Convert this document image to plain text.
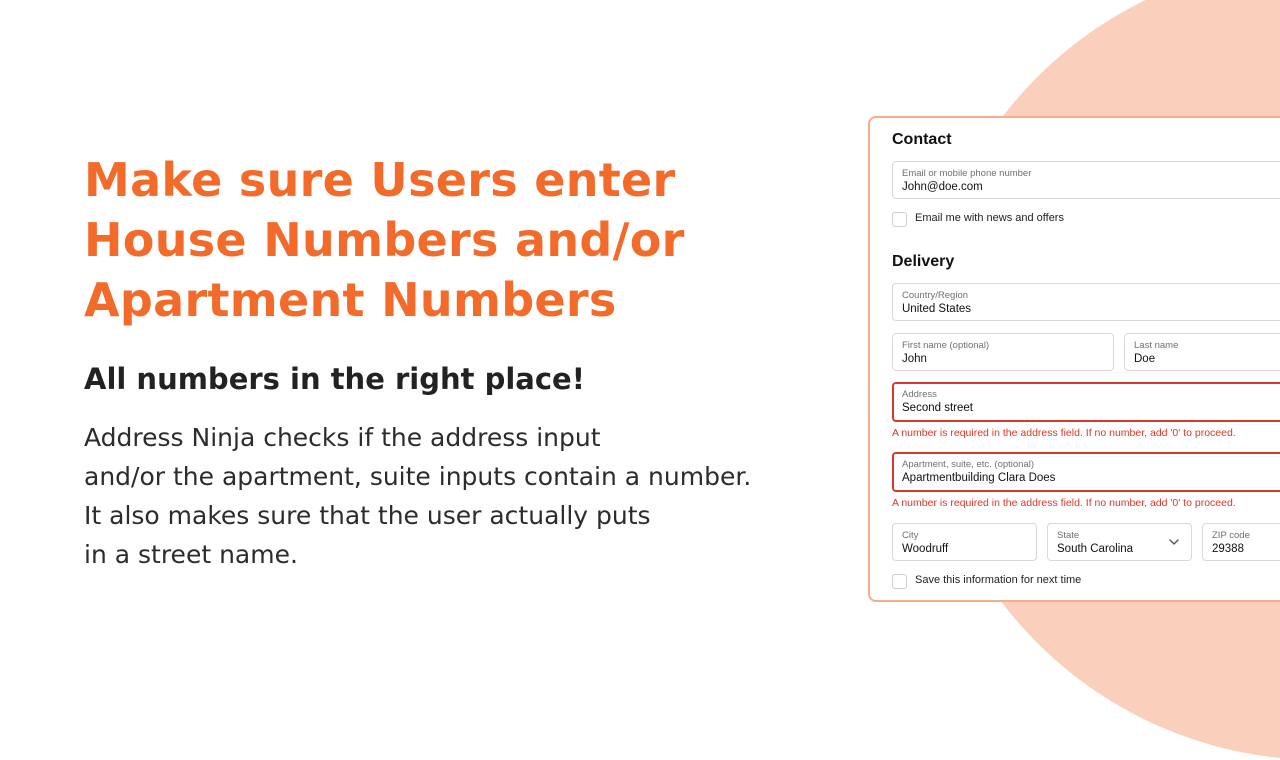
Make sure Users enter
House Numbers and/or
Apartment Numbers

All numbers in the right place!

Address Ninja checks if the address input
and/or the apartment, suite inputs contain a number.
It also makes sure that the user actually puts
in a street name.

Contact
Email or mobile phone number
John@doe.com
Email me with news and offers
Delivery
Country/Region
United States
First name (optional)
John
Last name
Doe
Address
Second street
A number is required in the address field. If no number, add '0' to proceed.
Apartment, suite, etc. (optional)
Apartmentbuilding Clara Does
A number is required in the address field. If no number, add '0' to proceed.
City
Woodruff
State
South Carolina
ZIP code
29388
Save this information for next time
